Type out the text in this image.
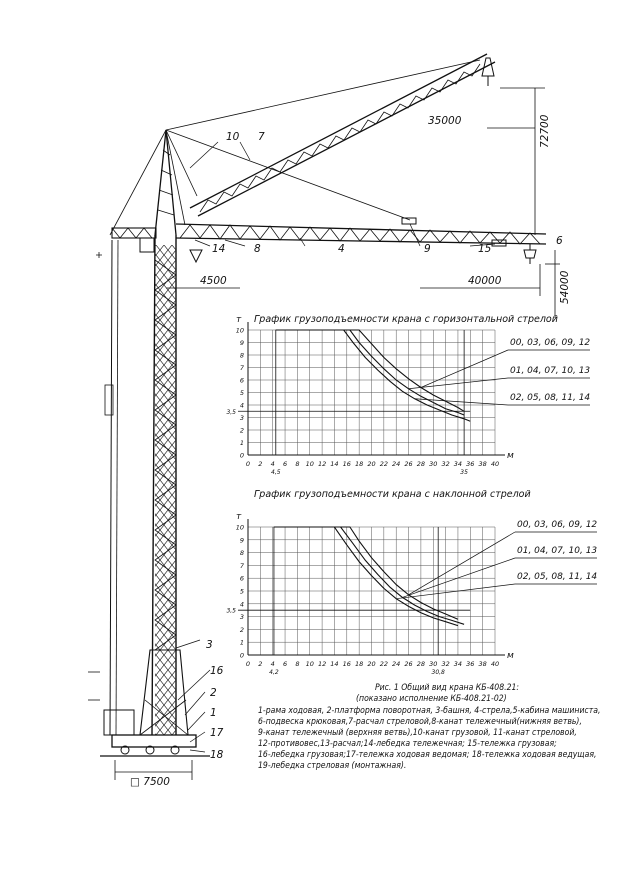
35000	72700
4500	40000	54000
□ 7500
10 7
14	8	4	9	15
6
3
16
2
1
17
18
График грузоподъемности крана с горизонтальной стрелой
т
м
0 2 4 6 8 10 12 14 16 18 20 22 24 26 28 30 32 34 36 38 40
0
1
2
3
4
5
6
7
8
9
10
4,5	35
3,5
00, 03, 06, 09, 12
01, 04, 07, 10, 13
02, 05, 08, 11, 14
График грузоподъемности крана с наклонной стрелой
т
м
0 2 4 6 8 10 12 14 16 18 20 22 24 26 28 30 32 34 36 38 40
0
1
2
3
4
5
6
7
8
9
10
4,2	30,8
3,5
00, 03, 06, 09, 12
01, 04, 07, 10, 13
02, 05, 08, 11, 14
Рис. 1 Общий вид крана КБ-408.21:
(показано исполнение КБ-408.21-02)
1-рама ходовая, 2-платформа поворотная, 3-башня, 4-стрела,5-кабина машиниста,
6-подвеска крюковая,7-расчал стреловой,8-канат тележечный(нижняя ветвь),
9-канат тележечный (верхняя ветвь),10-канат грузовой, 11-канат стреловой,
12-противовес,13-расчал;14-лебедка тележечная; 15-тележка грузовая;
16-лебедка грузовая;17-тележка ходовая ведомая; 18-тележка ходовая ведущая,
19-лебедка стреловая (монтажная).
